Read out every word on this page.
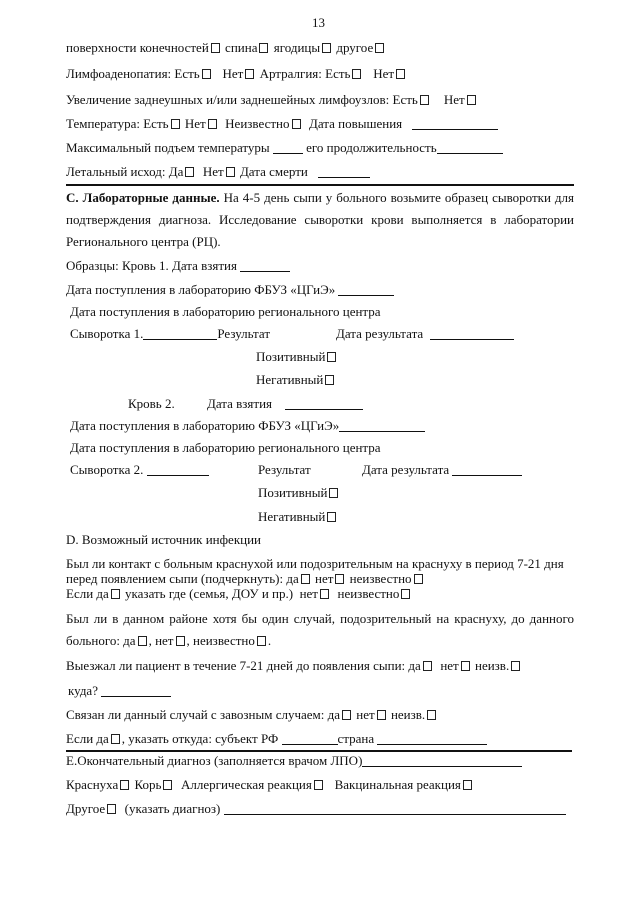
13
поверхности конечностей спина ягодицы другое
Лимфоаденопатия: Есть Нет Артралгия: Есть Нет
Увеличение заднеушных и/или заднешейных лимфоузлов: Есть Нет
Температура: Есть Нет Неизвестно Дата повышения
Максимальный подъем температуры	его продолжительность
Летальный исход: Да Нет Дата смерти
С. Лабораторные данные. На 4-5 день сыпи у больного возьмите образец сыворотки для
подтверждения диагноза. Исследование сыворотки крови выполняется в лаборатории
Регионального центра (РЦ).
Образцы: Кровь 1. Дата взятия
Дата поступления в лабораторию ФБУЗ «ЦГиЭ»
Дата поступления в лабораторию регионального центра
Сыворотка 1.	Результат	Дата результата
Позитивный
Негативный
Кровь 2. Дата взятия
Дата поступления в лабораторию ФБУЗ «ЦГиЭ»
Дата поступления в лабораторию регионального центра
Сыворотка 2.	Результат	Дата результата
Позитивный
Негативный
D. Возможный источник инфекции
Был ли контакт с больным краснухой или подозрительным на краснуху в период 7-21 дня
перед появлением сыпи (подчеркнуть): да нет неизвестно
Если да указать где (семья, ДОУ и пр.) нет неизвестно
Был ли в данном районе хотя бы один случай, подозрительный на краснуху, до данного
больного: да , нет , неизвестно .
Выезжал ли пациент в течение 7-21 дней до появления сыпи: да нет неизв.
куда?
Связан ли данный случай с завозным случаем: да нет неизв.
Если да , указать откуда: субъект РФ	страна
Е.Окончательный диагноз (заполняется врачом ЛПО)
Краснуха Корь Аллергическая реакция Вакцинальная реакция
Другое (указать диагноз)
